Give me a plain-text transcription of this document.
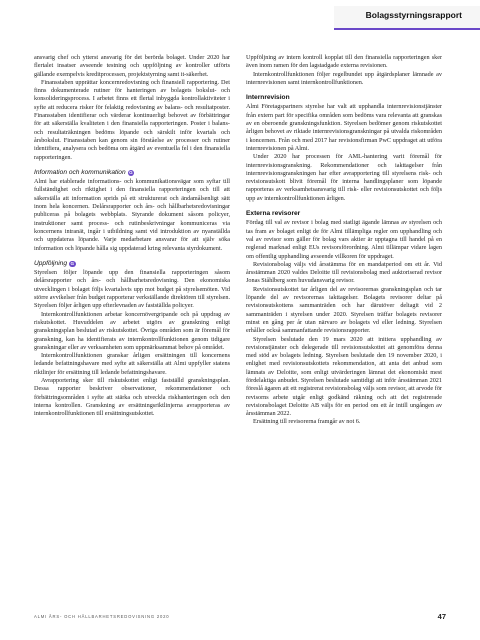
Bolagsstyrningsrapport

ansvarig chef och ytterst ansvarig för det berörda bolaget. Under 2020 har flertalet insatser avseende testning och uppföljning av kontroller utförts gällande exempelvis kreditprocessen, projektstyrning samt it-säkerhet.

Finansstaben upprättar koncernredovisning och finansiell rapportering. Det finns dokumenterade rutiner för hanteringen av bolagets bokslut- och konsolideringsprocess. I arbetet finns ett flertal inbyggda kontrollaktiviteter i syfte att reducera risker för felaktig redovisning av balans- och resultatposter. Finansstaben identifierar och värderar kontinuerligt behovet av förbättringar för att säkerställa kvaliteten i den finansiella rapporteringen. Poster i balans- och resultaträkningen bedöms löpande och särskilt inför kvartals och årsbokslut. Finansstaben kan genom sin förståelse av processer och rutiner identifiera, analysera och bedöma om åtgärd av eventuella fel i den finansiella rapporteringen.

Information och kommunikation G

Almi har etablerade informations- och kommunikationsvägar som syftar till fullständighet och riktighet i den finansiella rapporteringen och till att säkerställa att information sprids på ett strukturerat och ändamålsenligt sätt inom hela koncernen. Delårsrapporter och års- och hållbarhetsredovisningar publiceras på bolagets webbplats. Styrande dokument såsom policyer, instruktioner samt process- och rutinbeskrivningar kommuniceras via koncernens intranät, ingår i utbildning samt vid introduktion av nyanställda och uppdateras löpande. Varje medarbetare ansvarar för att själv söka information och löpande hålla sig uppdaterad kring relevanta styrdokument.

Uppföljning G

Styrelsen följer löpande upp den finansiella rapporteringen såsom delårsrapporter och års- och hållbarhetsredovisning. Den ekonomiska utvecklingen i bolaget följs kvartalsvis upp mot budget på styrelsemöten. Vid större avvikelser från budget rapporterar verkställande direktören till styrelsen. Styrelsen följer årligen upp efterlevnaden av fastställda policyer.

Internkontrollfunktionen arbetar koncernövergripande och på uppdrag av riskutskottet. Huvuddelen av arbetet utgörs av granskning enligt granskningsplan beslutad av riskutskottet. Övriga områden som är föremål för granskning, kan ha identifierats av internkontrollfunktionen genom tidigare granskningar eller av verksamheten som uppmärksammat behov på området.

Internkontrollfunktionen granskar årligen ersättningen till koncernens ledande befattningshavare med syfte att säkerställa att Almi uppfyller statens riktlinjer för ersättning till ledande befattningshavare.

Avrapportering sker till riskutskottet enligt fastställd granskningsplan. Dessa rapporter beskriver observationer, rekommendationer och förbättringsområden i syfte att stärka och utveckla riskhanteringen och den interna kontrollen. Granskning av ersättningsriktlinjerna avrapporteras av internkontrollfunktionen till ersättningsutskottet.

Uppföljning av intern kontroll kopplat till den finansiella rapporteringen sker även inom ramen för den lagstadgade externa revisionen.

Internkontrollfunktionen följer regelbundet upp åtgärdsplaner lämnade av internrevisionen samt internkontrollfunktionen.

Internrevision

Almi Företagspartners styrelse har valt att upphandla internrevisionstjänster från extern part för specifika områden som bedöms vara relevanta att granskas av en oberoende granskningsfunktion. Styrelsen bedömer genom riskutskottet årligen behovet av riktade internrevisionsgranskningar på utvalda riskområden i koncernen. Från och med 2017 har revisionsfirman PwC uppdraget att utföra internrevisionen på Almi.

Under 2020 har processen för AML-hantering varit föremål för internrevisionsgranskning. Rekommendationer och iakttagelser från internrevisionsgranskningen har efter avrapportering till styrelsens risk- och revisionsutskott blivit föremål för interna handlingsplaner som löpande rapporteras av verksamhetsansvarig till risk- eller revisionsutskottet och följs upp av internkontrollfunktionen årligen.

Externa revisorer

Fördag till val av revisor i bolag med statligt ägande lämnas av styrelsen och tas fram av bolaget enligt de för Almi tillämpliga regler om upphandling och val av revisor som gäller för bolag vars aktier är upptagna till handel på en reglerad marknad enligt EUs revisorsförordning. Almi tillämpar vidare lagen om offentlig upphandling avseende villkoren för uppdraget.

Revisionsbolag väljs vid årsstämma för en mandatperiod om ett år. Vid årsstämman 2020 valdes Deloitte till revisionsbolag med auktoriserad revisor Jonas Ståhlberg som huvudansvarig revisor.

Revisionsutskottet tar årligen del av revisorernas granskningsplan och tar löpande del av revisorernas iakttagelser. Bolagets revisorer deltar på revisionsutskottens sammanträden och har därutöver deltagit vid 2 sammanträden i styrelsen under 2020. Styrelsen träffar bolagets revisorer minst en gång per år utan närvaro av bolagets vd eller ledning. Styrelsen erhåller också sammanfattande revisionsrapporter.

Styrelsen beslutade den 19 mars 2020 att initiera upphandling av revisionstjänster och delegerade till revisionsutskottet att genomföra denna med stöd av bolagets ledning. Styrelsen beslutade den 19 november 2020, i enlighet med revisionsutskottets rekommendation, att anta det anbud som lämnats av Deloitte, som enligt utvärderingen lämnat det ekonomiskt mest fördelaktiga anbudet. Styrelsen beslutade samtidigt att inför årsstämman 2021 föreslå ägaren att ett registrerat revisionsbolag väljs som revisor, att arvode för revisorns arbete utgår enligt godkänd räkning och att det registrerade revisionsbolaget Deloitte AB väljs för en period om ett år intill ungången av årsstämman 2022.

Ersättning till revisorerna framgår av not 6.

ALMI ÅRS- OCH HÅLLBARHETSREDOVISNING 2020	47
